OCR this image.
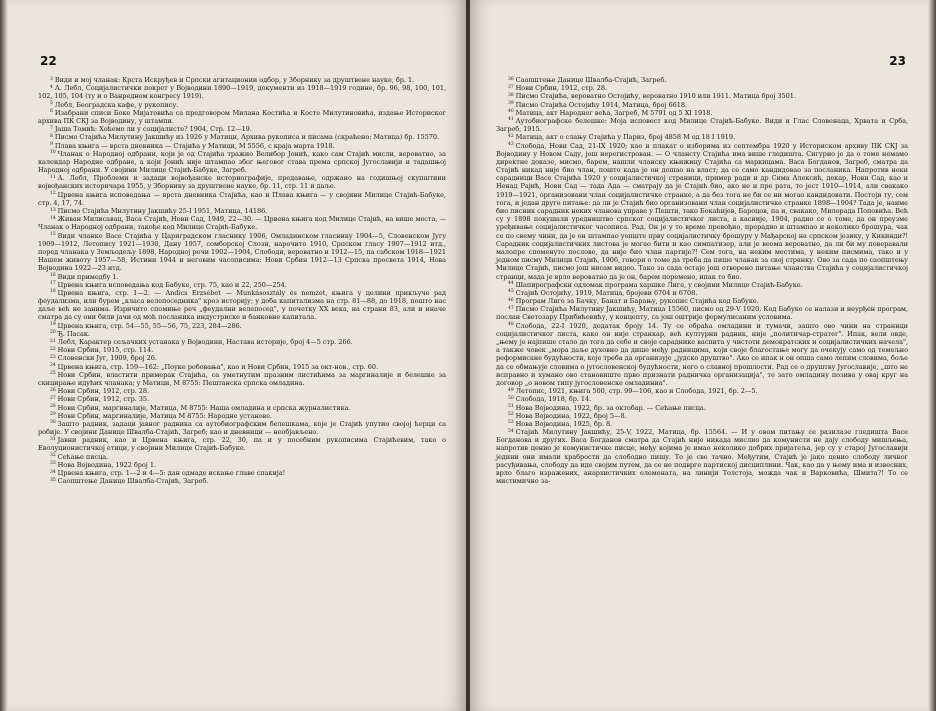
22

$^3$ Види и мој чланак: Крста Искруђев и Српски агитационии одбор, у Зборнику за друштвене науке, бр. 1.

$^4$ А. Лебл, Социјалистички покрет у Војводини 1890—1919, документи из 1918—1919 године, бр. 96, 98, 100, 101, 102, 105, 104 (ту и о Ванредном конгресу 1919).

$^5$ Лебл, Београдска кафе, у рукопису.

$^6$ Изабрани списи Боке Мијатовића са предговором Милана Костића и Косте Милутиновића, издање Историског архива ПК СКЈ за Војводину, у штампи.

$^7$ Јаша Томић: Хоћемо ли у социјалисте? 1904, Стр. 12—19.

$^8$ Писмо Стајића Милутину Јакшићу из 1926 у Матици, Архива рукописа и писама (скраћено: Матица) бр. 15570.

$^9$ Плава књига — врста дневника — Стајића у Матици, М 5556, с краја марта 1918.

$^{10}$ Чланак о Народној одбрани, који је од Стајића тражио Велибор Јонић, како сам Стајић мисли, вероватно, за календар Народне одбране, а који Јонић није штампао због његовог става према српској Југославији и тадашњој Народној одбрани. У својини Милице Стајић-Бабуке, Загреб.

$^{11}$ А. Лебл, Проблеми и задаци војвођанске историографије, предавање, одржано на годишњој скупштини војвођанских историчара 1955, у Зборнику за друштвене науке, бр. 11, стр. 11 и даље.

$^{12}$ Црвена књига исповедања — врста дневника Стајића, као и Плава књига — у својини Милице Стајић-Бабуке, стр. 4, 17, 74.

$^{13}$ Писмо Стајића Милутину Јакшићу 25-I 1951, Матица, 14186.

$^{14}$ Живан Милисавац, Васа Стајић, Нови Сад, 1949, 22—30. — Црвена књига код Милице Стајић, на више места, — Чланак о Народној одбрани, такође код Милице Стајић-Бабуке.

$^{15}$ Види чланке Васе Стајића у Цариградском гласнику 1906, Омладинском гласнику 1904—5, Словенском Југу 1909—1912, Летопису 1921—1930, Дану 1957, сомборској Слози, нарочито 1910, Српском гласу 1907—1912 итд., поред чланака у Земљодељу 1898, Народној речи 1902—1904, Слободи, вероватно и 1912—15, па сабском 1918—1921 Нашем животу 1957—58, Истини 1944 и неговим часописима: Нови Србин 1912—13 Српска просвета 1914, Нова Војводина 1922—23 итд.

$^{16}$ Види примедбу 1.

$^{17}$ Црвена књига исповедања код Бабуке, стр. 75, као и 22, 250—254.

$^{18}$ Црвена књига, стр. 1—2. — Andics Erzsébet — Munkásosztály és nemzet, књига у целини прикључе рад феудализма, или бурем „класа велепоседника" кроз историју; у доба капитализма на стр. 81—88, до 1918, пошто нас даље већ не занима. Изричито спомиње реч „феудални велепосед", у почетку XX века, на страни 83, али и иначе смaтра да су они били јачи од моћ посланика индустриске и банковне капитала.

$^{19}$ Црвена књига, стр. 54—55, 55—56, 75, 223, 284—286.

$^{20}$ Ђ. Пасак.

$^{21}$ Лебл, Карактер сељачких устанака у Војводини, Настава историје, број 4—5 стр. 266.

$^{22}$ Нови Србин, 1915, стр. 114.

$^{23}$ Словенски Југ, 1909, број 26.

$^{24}$ Црвена књига, стр. 159—162: „Поуке робовања", као и Нови Србин, 1915 за окт-нов., стр. 60.

$^{25}$ Нови Србин, властити примерак Стајића, са уметнутим празним листићима за маргиналије и белешке за скицирање идућих чланака; у Матици, М 8755: Пештанска српска омладина.

$^{26}$ Нови Србин, 1912, стр. 28.

$^{27}$ Нови Србин, 1912, стр. 35.

$^{28}$ Нови Србин, маргиналије, Матица, М 8755: Наша омладина и српска журналистика.

$^{29}$ Нови Србин, маргиналије, Матица М 8755: Народне установе.

$^{30}$ Зашто радник, задаци јавног радника са аутобиографским белешкама, које је Стајић упутио својој ћерци са робије. У својини Данице Швалба-Стајић, Загреб; као и дневници — необјављено.

$^{31}$ Јавни радник, као и Црвена књига, стр. 22, 30, па и у посебним рукописима Стајићевим, тако о Еволуционистичкој етици, у својини Милице Стајић-Бабуке.

$^{32}$ Сећање писца.

$^{33}$ Нова Војводина, 1922 број 1.

$^{34}$ Црвена књига, стр. 1—2 и 4—5: дан одмаде искање главе спакија!

$^{35}$ Саопштење Данице Швалба-Стајић, Загреб.

23

$^{36}$ Саопштење Данице Швалба-Стајић, Загреб.

$^{37}$ Нови Србин, 1912, стр. 28.

$^{38}$ Писмо Стајића, вероватно Остојићу, вероватно 1910 или 1911. Матица број 3501.

$^{39}$ Писмо Стајића Остојићу 1914, Матица, број 6618.

$^{40}$ Матица, акт Народног већа, Загреб, М 5791 од 5 XI 1918.

$^{41}$ Аутобиографске белешке: Моја исповест код Милице Стајић-Бабуке. Види и Глас Словенаца, Хрвата и Срба, Загреб, 1915.

$^{42}$ Матица, акт о слању Стајића у Париз, број 4858 М од 18 I 1919.

$^{43}$ Слобода, Нови Сад, 21-IX 1920; као и плакат о изборима из септембра 1920 у Историском архиву ПК СКЈ за Војводину у Новом Саду, још нерегистрован. — О члансту Стајића има више гледишта. Сигурно је да о томе немамо директне доказе, мисмо, барем, нашли чланску књижицу Стајића са маркицама. Васа Богданов, Загреб, сматра да Стајић никад није био члан, пошто када је он дошао на власт; да се само кандидовао за посланика. Напротив неки сарадници Васе Стајића 1920 у социјалистичкој страници, пример ради и др Сима Алексић, декар, Нови Сад, као и Ненад Рајић, Нови Сад — тада Ада — сматрају да је Стајић био, ако не и пре рата, то јест 1910—1914, али свакако 1919—1921, организовани члан социјалистичке странке, а да без тога не би се ни могао кандидовати. Постоји ту, сем тога, и један друго питање: да ли је Стајић био организовани члан социјалистичке странке 1898—1904? Тада је, наиме био писник сарадник неких чланова управе у Пешти, тако Бокаћијев, Бароцов, па и, свакако, Милорада Поповића. Већ су у 1898 покушали уредништво српског социјалистичког листа, а касније, 1904, радио се о томе, да он преузме уређивање социјалистичког часописа. Рад. Он је у то време превођио, прерадио и штампао и неколико брошура, чак се по свему чини, да је он штампао уопште прву социјалистичку брошуру у Мађарској на српском језику, у Кикинди?! Сарадник социјалистичких листова је могао бити и као симпатизер, али је веома вероватно, да ли би му поверавали малопре споменуте послове, да није био члан партије?! Сем тога, на неким местима, у неким писмима, тако и у једном писму Милици Стајић, 1906, говори о томе да треба да пише чланак за свој странку. Ово за сада по саопштењу Милице Стајић, писмо још нисам видео. Тако за сада остаје још отворено питање чланства Стајића у социјалистичкој странци, мада је врло вероватно да је он, барем поремено, ипак то био.

$^{44}$ Шапирографски одломак програма харшке Лиге, у својини Милице Стајић-Бабуке.

$^{45}$ Стајић Остојићу, 1919, Матица, бројеви 6704 и 6708.

$^{46}$ Програм Лиге за Бачку, Банат и Барању, рукопис Стајића код Бабуке.

$^{47}$ Писмо Стајића Милутину Јакшићу, Матица 15560, писмо од 29-V 1920. Код Бабуке се налази и неурђен програм, послан Светозару Прибићевићу, у концепту, са још оштрије формулисаним условима.

$^{48}$ Слобода, 22-I 1920, додатак броју 14. Ту се обраћа омладини и тумачи, зашто ово чини на страници социјалистичког листа, како он није странкар, већ културни радник, није „политичар-стратег". Ипак, вели овде, „њему је најпише стало до тога да себе и своје сараднике васпита у чистоти демократских и социјалистичких начела", а также човек „мора даље духовно да дише међу радницима, који своје благостање могу да очекују само од темељно реформисане будућности, које треба да организује „јудско друштво". Ако се ипак и он опша само лепим словима, боље да се обмањује словима о југословенској будућности, него о славној прошлости. Рад се о друштву Југославије, „што не исправно и хумано ово становиште прво признати радничка организација", те зато омладину позива у овај круг на договор „о новом типу југословенске омладиниа".

$^{49}$ Летопис, 1921, књига 500, стр. 99—106, као и Слобода, 1921, бр. 2—5.

$^{50}$ Слобода, 1918, бр. 14.

$^{51}$ Нова Војводина, 1922, бр. за октобар. — Сећање писца.

$^{52}$ Нова Војводина, 1922, број 5—8.

$^{53}$ Нова Војводина, 1925, бр. 8.

$^{54}$ Стајић Милутину Јакшићу, 25-V, 1922, Матица, бр. 15564. — И у овом питању се разилазе гледишта Васе Богданова и других. Васа Богданов сматра да Стајић није никада мислио да комунисти не дају слободу мишљења, напротив ценио је комунистичке писце, међу којима је имао неколико добрих пријатеља, јер су у старој Југославији једини они имали храбрости да слободно пишу. То је све тачно. Међутим, Стајић је јако ценио слободу личног расуђивања, слободу да иде својим путем, да се не подврге партиској дисциплини. Чак, као да у њему има и извесних, врло благо изражених, анархистичких елемената, на линији Толстоја, можда чак и Варковића, Шмита?! То се мистимично за-
